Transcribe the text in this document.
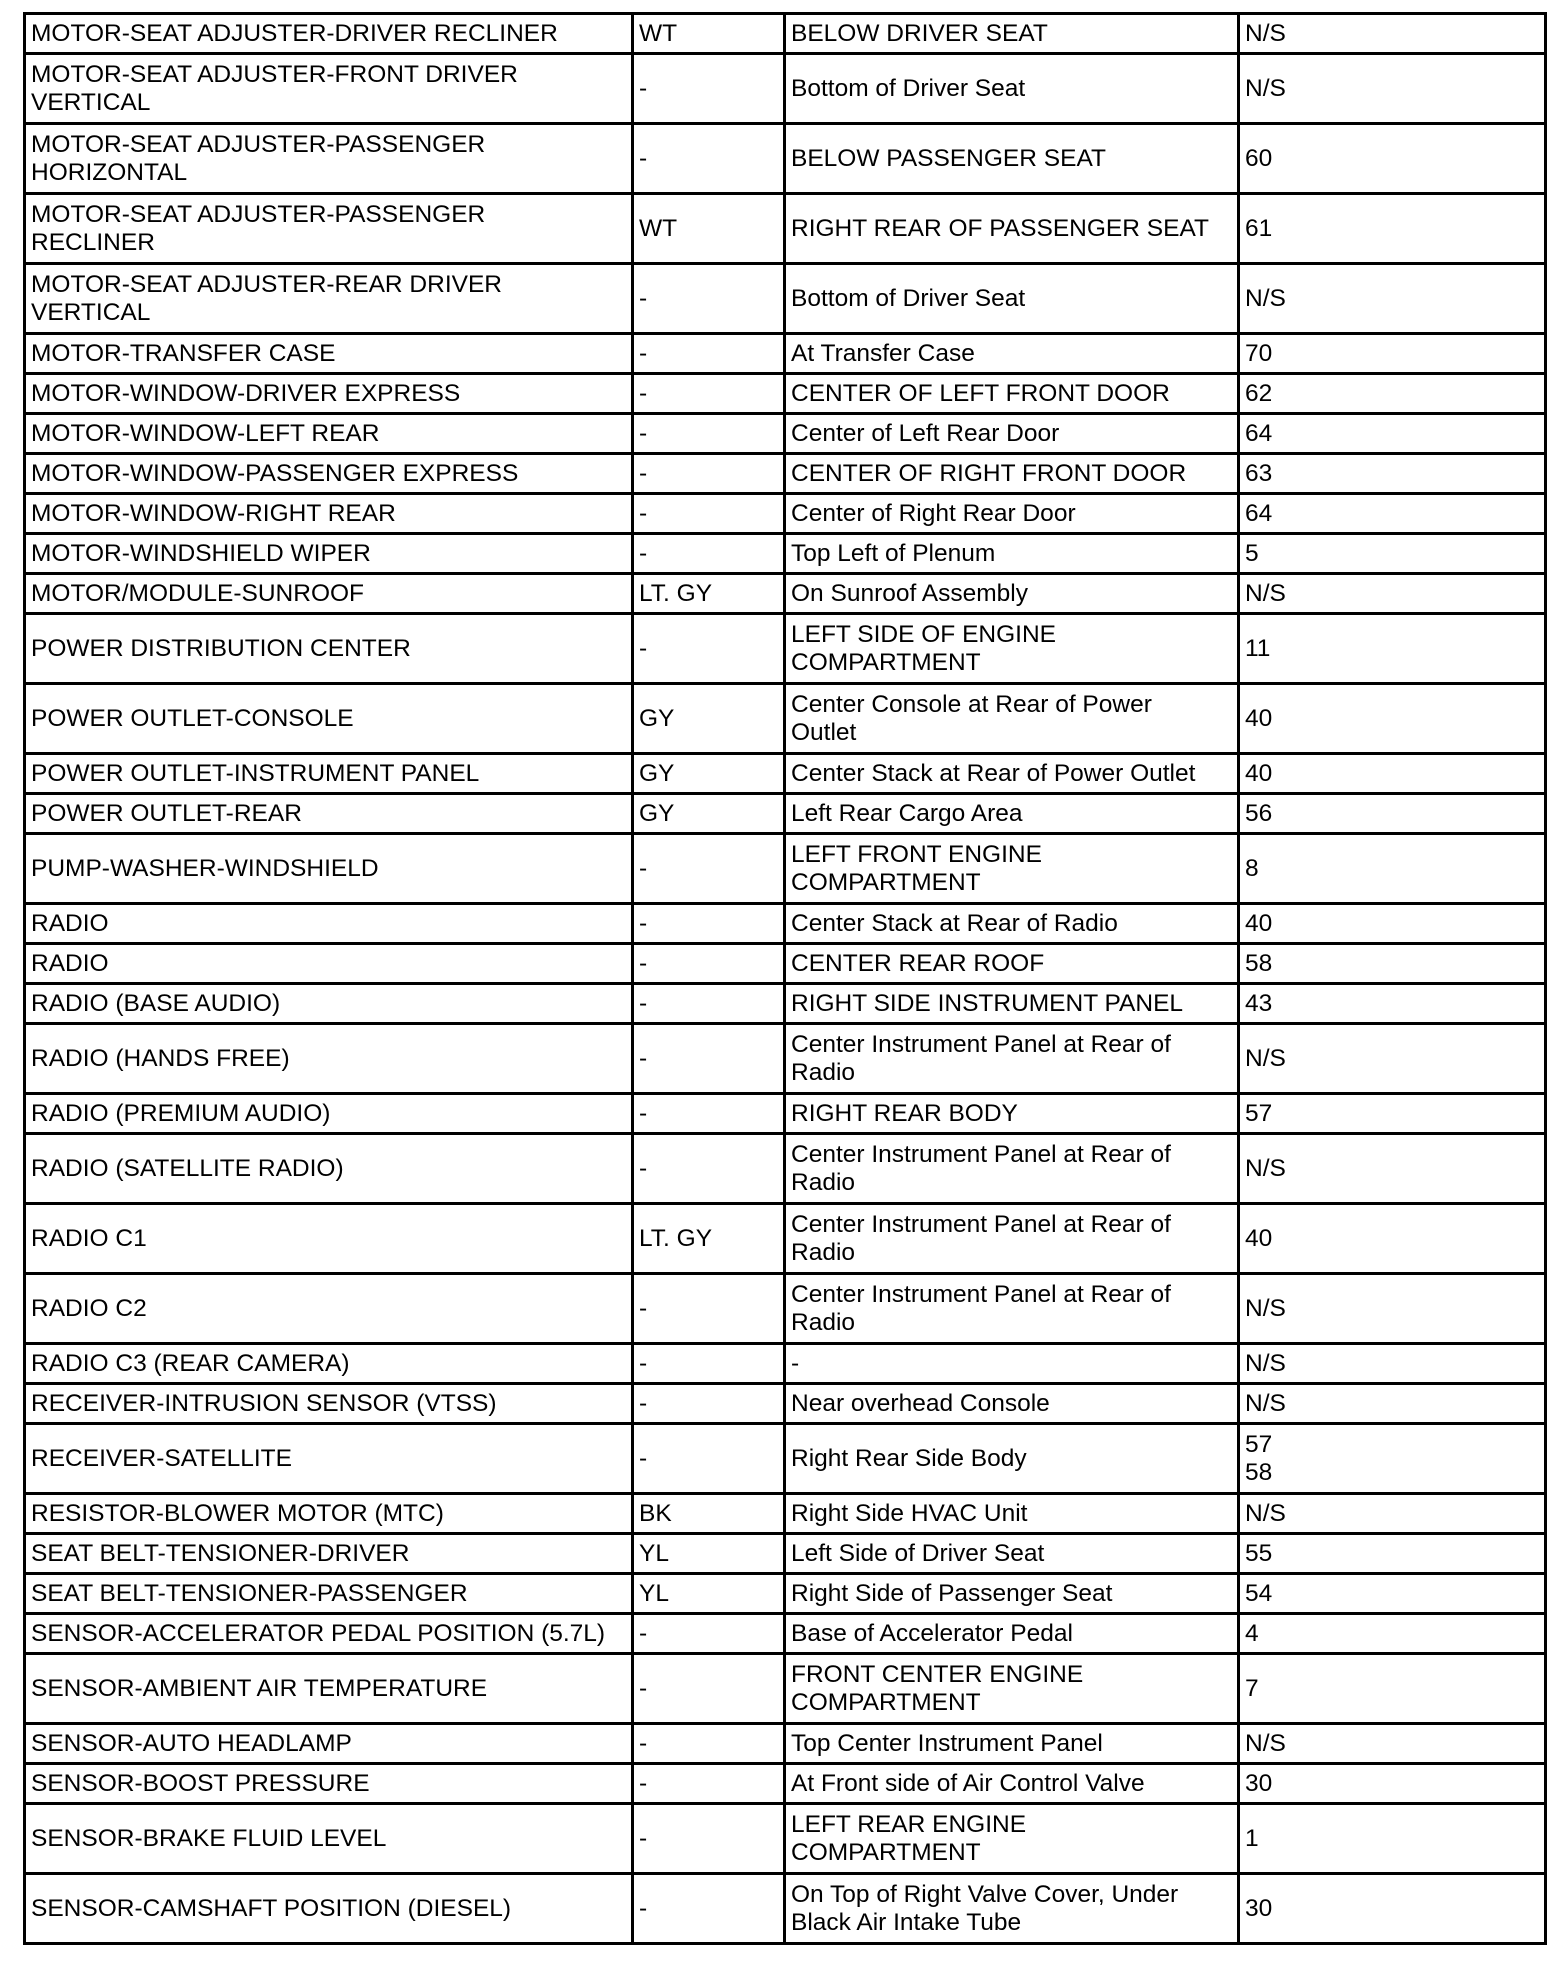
MOTOR-SEAT ADJUSTER-DRIVER RECLINER	WT	BELOW DRIVER SEAT	N/S
MOTOR-SEAT ADJUSTER-FRONT DRIVER
VERTICAL	-	Bottom of Driver Seat	N/S
MOTOR-SEAT ADJUSTER-PASSENGER
HORIZONTAL	-	BELOW PASSENGER SEAT	60
MOTOR-SEAT ADJUSTER-PASSENGER
RECLINER	WT	RIGHT REAR OF PASSENGER SEAT	61
MOTOR-SEAT ADJUSTER-REAR DRIVER
VERTICAL	-	Bottom of Driver Seat	N/S
MOTOR-TRANSFER CASE	-	At Transfer Case	70
MOTOR-WINDOW-DRIVER EXPRESS	-	CENTER OF LEFT FRONT DOOR	62
MOTOR-WINDOW-LEFT REAR	-	Center of Left Rear Door	64
MOTOR-WINDOW-PASSENGER EXPRESS	-	CENTER OF RIGHT FRONT DOOR	63
MOTOR-WINDOW-RIGHT REAR	-	Center of Right Rear Door	64
MOTOR-WINDSHIELD WIPER	-	Top Left of Plenum	5
MOTOR/MODULE-SUNROOF	LT. GY	On Sunroof Assembly	N/S
POWER DISTRIBUTION CENTER	-	LEFT SIDE OF ENGINE
COMPARTMENT	11
POWER OUTLET-CONSOLE	GY	Center Console at Rear of Power
Outlet	40
POWER OUTLET-INSTRUMENT PANEL	GY	Center Stack at Rear of Power Outlet	40
POWER OUTLET-REAR	GY	Left Rear Cargo Area	56
PUMP-WASHER-WINDSHIELD	-	LEFT FRONT ENGINE
COMPARTMENT	8
RADIO	-	Center Stack at Rear of Radio	40
RADIO	-	CENTER REAR ROOF	58
RADIO (BASE AUDIO)	-	RIGHT SIDE INSTRUMENT PANEL	43
RADIO (HANDS FREE)	-	Center Instrument Panel at Rear of
Radio	N/S
RADIO (PREMIUM AUDIO)	-	RIGHT REAR BODY	57
RADIO (SATELLITE RADIO)	-	Center Instrument Panel at Rear of
Radio	N/S
RADIO C1	LT. GY	Center Instrument Panel at Rear of
Radio	40
RADIO C2	-	Center Instrument Panel at Rear of
Radio	N/S
RADIO C3 (REAR CAMERA)	-	-	N/S
RECEIVER-INTRUSION SENSOR (VTSS)	-	Near overhead Console	N/S
RECEIVER-SATELLITE	-	Right Rear Side Body	57
58
RESISTOR-BLOWER MOTOR (MTC)	BK	Right Side HVAC Unit	N/S
SEAT BELT-TENSIONER-DRIVER	YL	Left Side of Driver Seat	55
SEAT BELT-TENSIONER-PASSENGER	YL	Right Side of Passenger Seat	54
SENSOR-ACCELERATOR PEDAL POSITION (5.7L)	-	Base of Accelerator Pedal	4
SENSOR-AMBIENT AIR TEMPERATURE	-	FRONT CENTER ENGINE
COMPARTMENT	7
SENSOR-AUTO HEADLAMP	-	Top Center Instrument Panel	N/S
SENSOR-BOOST PRESSURE	-	At Front side of Air Control Valve	30
SENSOR-BRAKE FLUID LEVEL	-	LEFT REAR ENGINE
COMPARTMENT	1
SENSOR-CAMSHAFT POSITION (DIESEL)	-	On Top of Right Valve Cover, Under
Black Air Intake Tube	30
